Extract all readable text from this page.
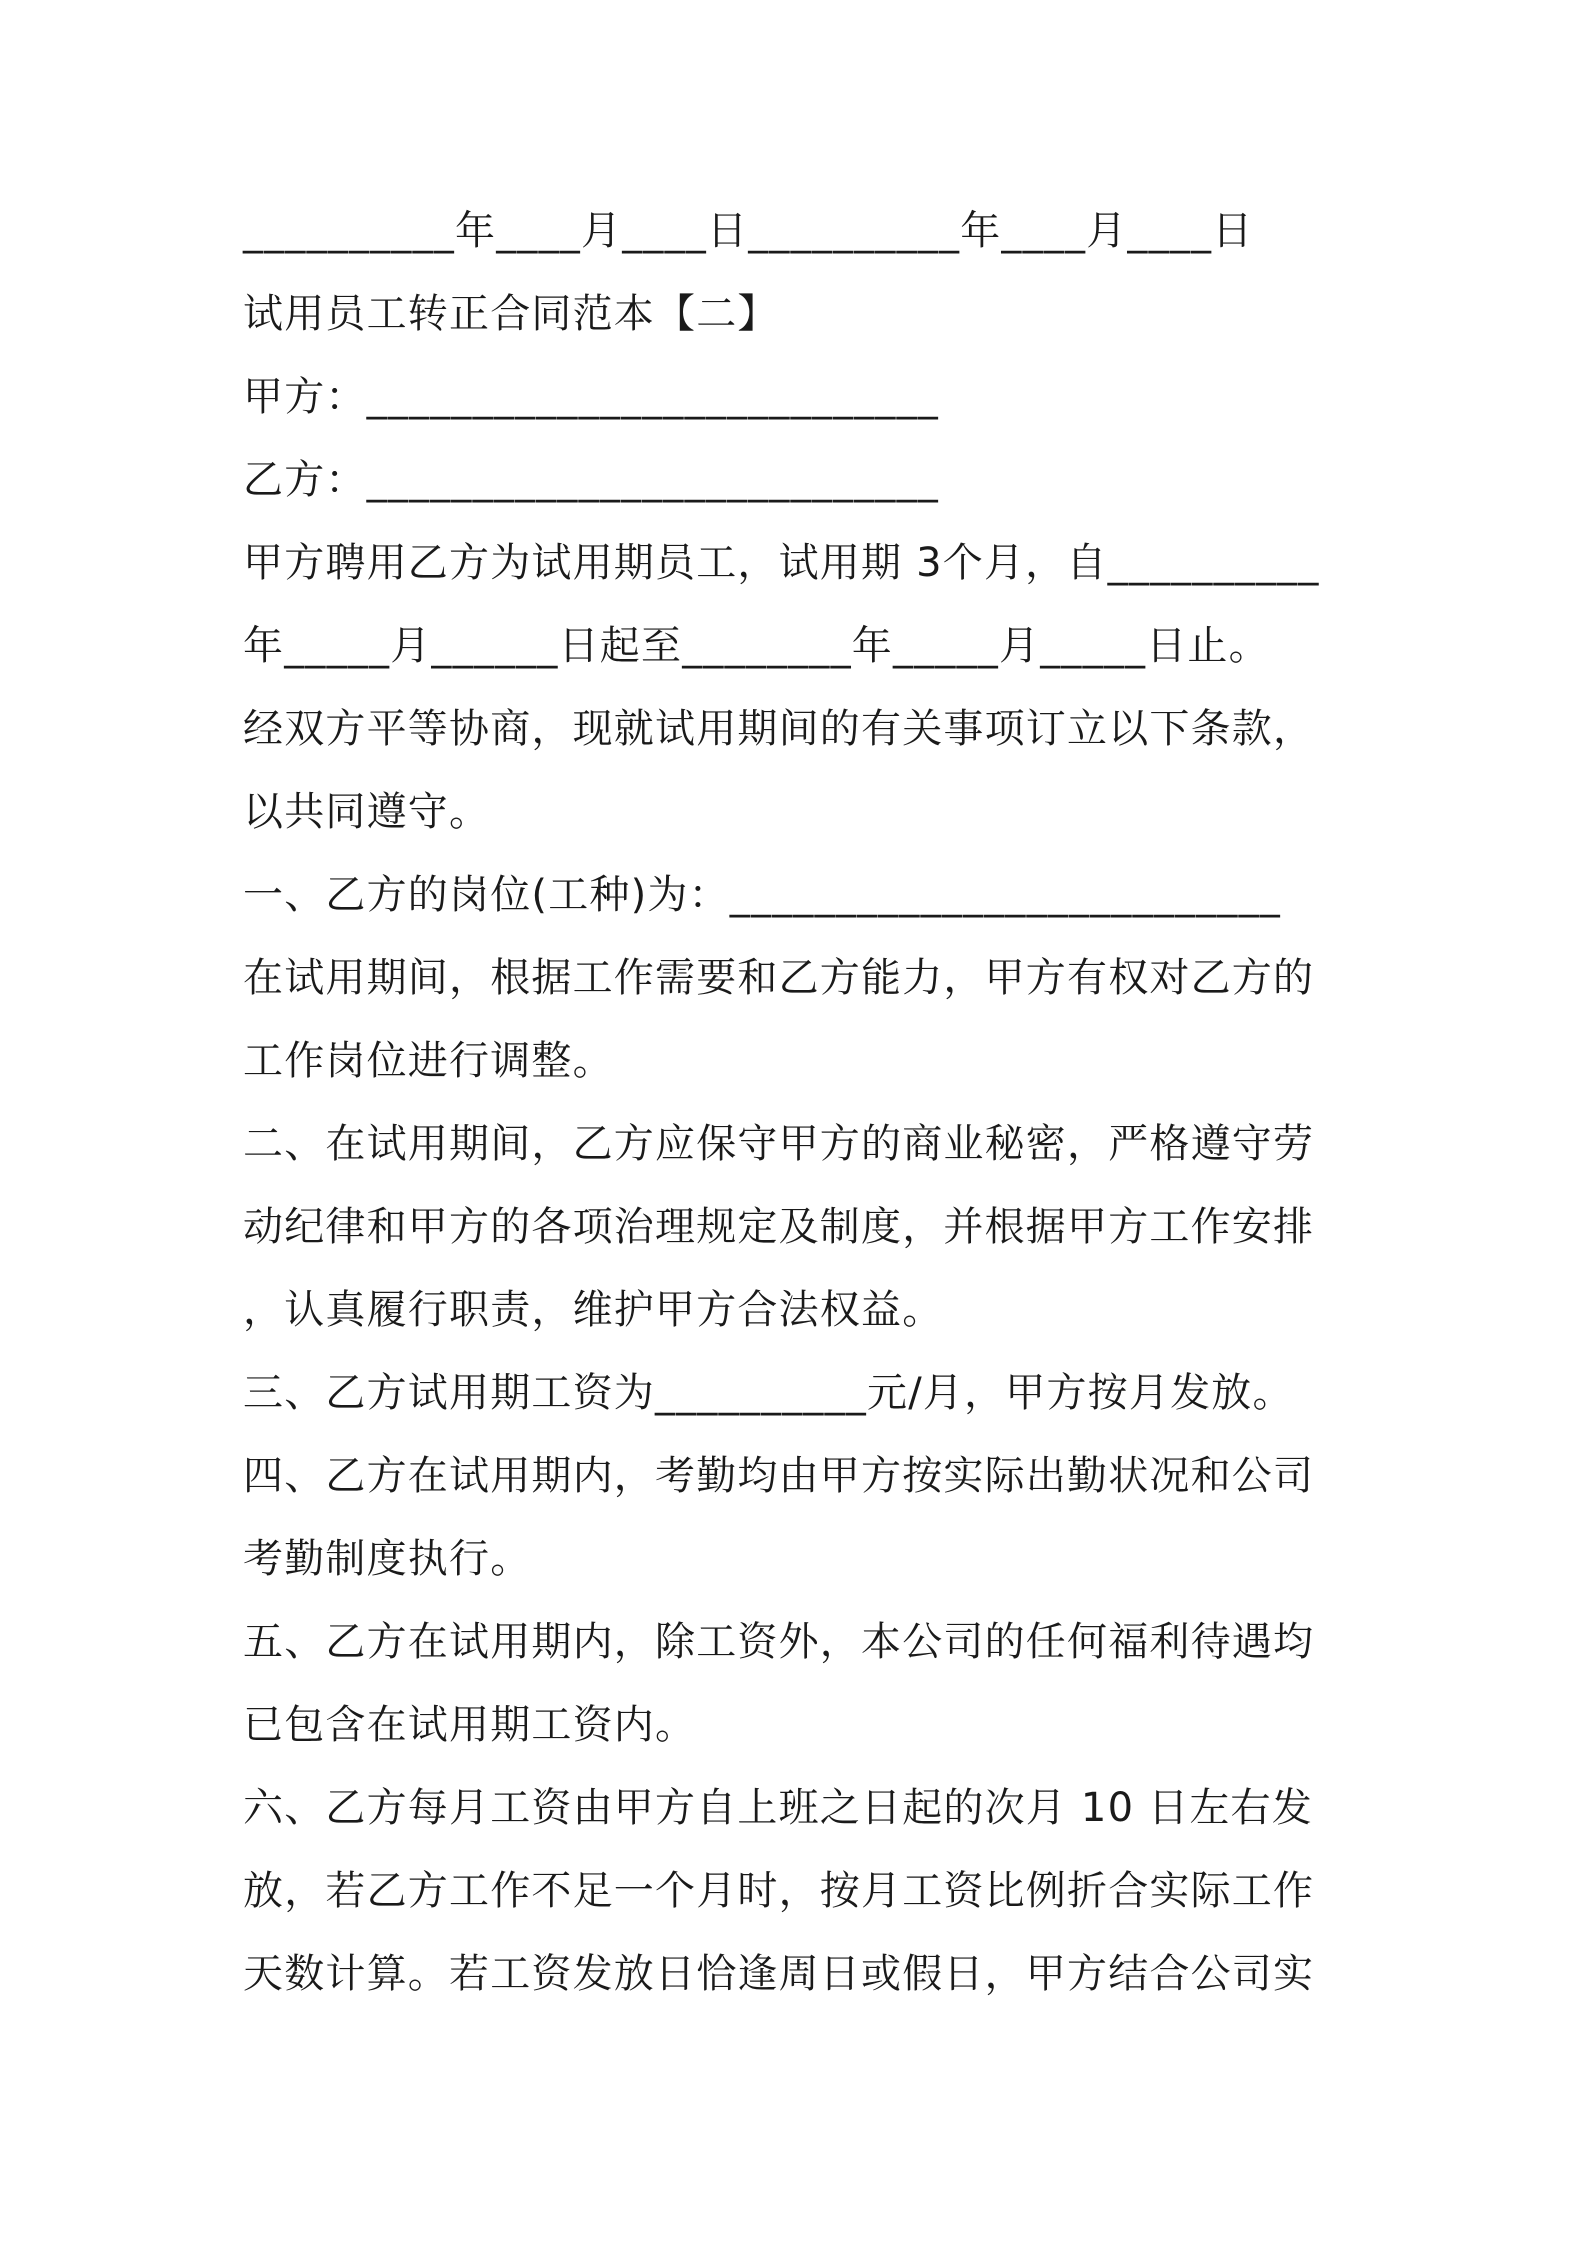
__________年____月____日__________年____月____日
试用员工转正合同范本【二】
甲方：___________________________
乙方：___________________________
甲方聘用乙方为试用期员工，试用期 3个月，自__________
年_____月______日起至________年_____月_____日止。
经双方平等协商，现就试用期间的有关事项订立以下条款，
以共同遵守。
一、乙方的岗位(工种)为：__________________________
在试用期间，根据工作需要和乙方能力，甲方有权对乙方的
工作岗位进行调整。
二、在试用期间，乙方应保守甲方的商业秘密，严格遵守劳
动纪律和甲方的各项治理规定及制度，并根据甲方工作安排
，认真履行职责，维护甲方合法权益。
三、乙方试用期工资为__________元/月，甲方按月发放。
四、乙方在试用期内，考勤均由甲方按实际出勤状况和公司
考勤制度执行。
五、乙方在试用期内，除工资外，本公司的任何福利待遇均
已包含在试用期工资内。
六、乙方每月工资由甲方自上班之日起的次月 10 日左右发
放，若乙方工作不足一个月时，按月工资比例折合实际工作
天数计算。若工资发放日恰逢周日或假日，甲方结合公司实
